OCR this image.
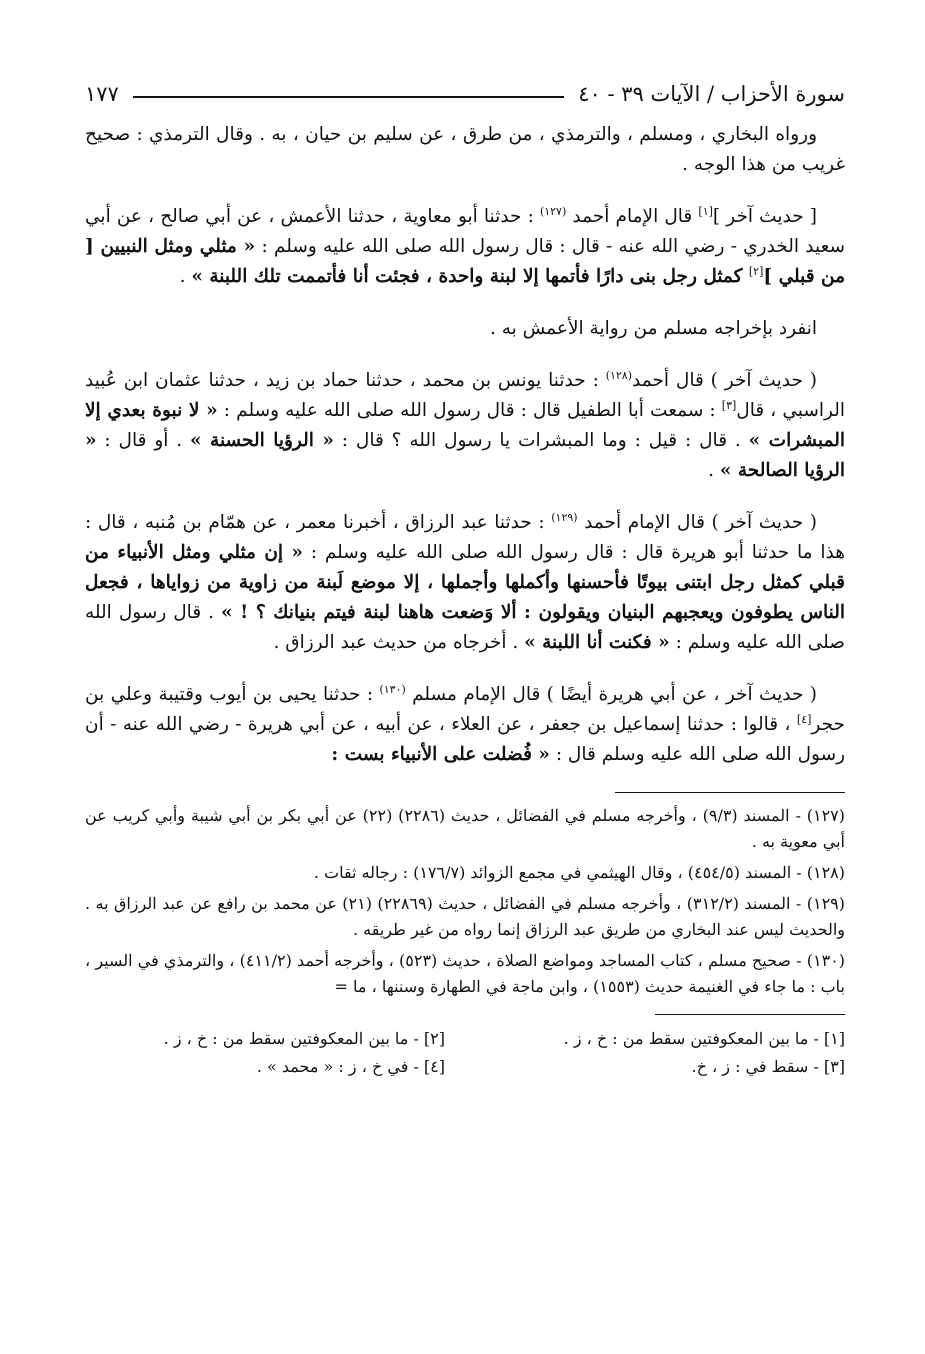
سورة الأحزاب / الآيات ٣٩ - ٤٠
١٧٧

ورواه البخاري ، ومسلم ، والترمذي ، من طرق ، عن سليم بن حيان ، به . وقال الترمذي : صحيح غريب من هذا الوجه .

[ حديث آخر ][١] قال الإمام أحمد $^{(١٢٧)}$ : حدثنا أبو معاوية ، حدثنا الأعمش ، عن أبي صالح ، عن أبي سعيد الخدري - رضي الله عنه - قال : قال رسول الله صلى الله عليه وسلم : « مثلي ومثل النبيين [ من قبلي ][٢] كمثل رجل بنى دارًا فأتمها إلا لبنة واحدة ، فجئت أنا فأتممت تلك اللبنة » .

انفرد بإخراجه مسلم من رواية الأعمش به .

( حديث آخر ) قال أحمد$^{(١٢٨)}$ : حدثنا يونس بن محمد ، حدثنا حماد بن زيد ، حدثنا عثمان ابن عُبيد الراسبي ، قال[٣] : سمعت أبا الطفيل قال : قال رسول الله صلى الله عليه وسلم : « لا نبوة بعدي إلا المبشرات » . قال : قيل : وما المبشرات يا رسول الله ؟ قال : « الرؤيا الحسنة » . أو قال : « الرؤيا الصالحة » .

( حديث آخر ) قال الإمام أحمد $^{(١٢٩)}$ : حدثنا عبد الرزاق ، أخبرنا معمر ، عن همّام بن مُنبه ، قال : هذا ما حدثنا أبو هريرة قال : قال رسول الله صلى الله عليه وسلم : « إن مثلي ومثل الأنبياء من قبلي كمثل رجل ابتنى بيوتًا فأحسنها وأكملها وأجملها ، إلا موضع لَبنة من زاوية من زواياها ، فجعل الناس يطوفون ويعجبهم البنيان ويقولون : ألا وَضعت هاهنا لبنة فيتم بنيانك ؟ ! » . قال رسول الله صلى الله عليه وسلم : « فكنت أنا اللبنة » . أخرجاه من حديث عبد الرزاق .

( حديث آخر ، عن أبي هريرة أيضًا ) قال الإمام مسلم $^{(١٣٠)}$ : حدثنا يحيى بن أيوب وقتيبة وعلي بن حجر[٤] ، قالوا : حدثنا إسماعيل بن جعفر ، عن العلاء ، عن أبيه ، عن أبي هريرة - رضي الله عنه - أن رسول الله صلى الله عليه وسلم قال : « فُضلت على الأنبياء بست :

(١٢٧) - المسند (٩/٣) ، وأخرجه مسلم في الفضائل ، حديث (٢٢٨٦) (٢٢) عن أبي بكر بن أبي شيبة وأبي كريب عن أبي معوية به .

(١٢٨) - المسند (٤٥٤/٥) ، وقال الهيثمي في مجمع الزوائد (١٧٦/٧) : رجاله ثقات .

(١٢٩) - المسند (٣١٢/٢) ، وأخرجه مسلم في الفضائل ، حديث (٢٢٨٦٩) (٢١) عن محمد بن رافع عن عبد الرزاق به . والحديث ليس عند البخاري من طريق عبد الرزاق إنما رواه من غير طريقه .

(١٣٠) - صحيح مسلم ، كتاب المساجد ومواضع الصلاة ، حديث (٥٢٣) ، وأخرجه أحمد (٤١١/٢) ، والترمذي في السير ، باب : ما جاء في الغنيمة حديث (١٥٥٣) ، وابن ماجة في الطهارة وسننها ، ما =

[١] - ما بين المعكوفتين سقط من : خ ، ز .
[٢] - ما بين المعكوفتين سقط من : خ ، ز .
[٣] - سقط في : ز ، خ.
[٤] - في خ ، ز : « محمد » .
